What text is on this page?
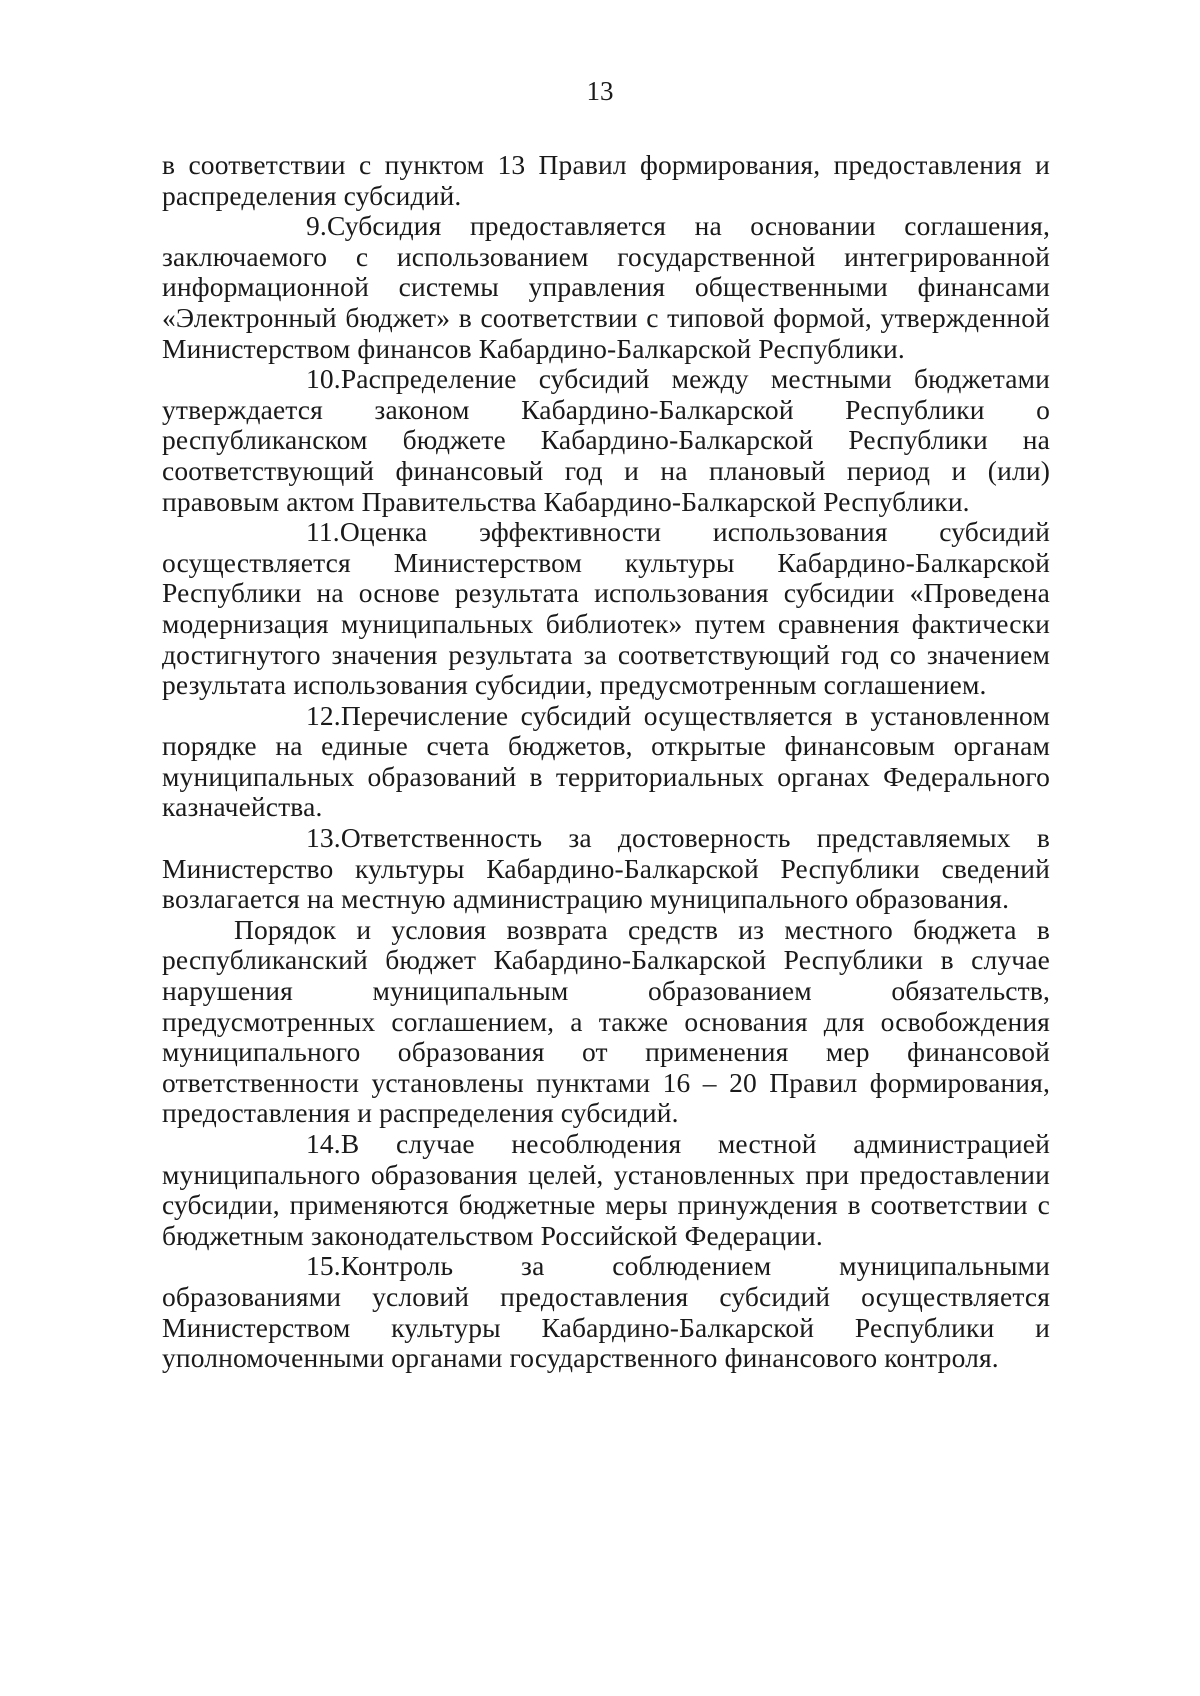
13

в соответствии с пунктом 13 Правил формирования, предоставления и распределения субсидий.

9.Субсидия предоставляется на основании соглашения, заключаемого с использованием государственной интегрированной информационной системы управления общественными финансами «Электронный бюджет» в соответствии с типовой формой, утвержденной Министерством финансов Кабардино-Балкарской Республики.

10.Распределение субсидий между местными бюджетами утверждается законом Кабардино-Балкарской Республики о республиканском бюджете Кабардино-Балкарской Республики на соответствующий финансовый год и на плановый период и (или) правовым актом Правительства Кабардино-Балкарской Республики.

11.Оценка эффективности использования субсидий осуществляется Министерством культуры Кабардино-Балкарской Республики на основе результата использования субсидии «Проведена модернизация муниципальных библиотек» путем сравнения фактически достигнутого значения результата за соответствующий год со значением результата использования субсидии, предусмотренным соглашением.

12.Перечисление субсидий осуществляется в установленном порядке на единые счета бюджетов, открытые финансовым органам муниципальных образований в территориальных органах Федерального казначейства.

13.Ответственность за достоверность представляемых в Министерство культуры Кабардино-Балкарской Республики сведений возлагается на местную администрацию муниципального образования.

Порядок и условия возврата средств из местного бюджета в республиканский бюджет Кабардино-Балкарской Республики в случае нарушения муниципальным образованием обязательств, предусмотренных соглашением, а также основания для освобождения муниципального образования от применения мер финансовой ответственности установлены пунктами 16 – 20 Правил формирования, предоставления и распределения субсидий.

14.В случае несоблюдения местной администрацией муниципального образования целей, установленных при предоставлении субсидии, применяются бюджетные меры принуждения в соответствии с бюджетным законодательством Российской Федерации.

15.Контроль за соблюдением муниципальными образованиями условий предоставления субсидий осуществляется Министерством культуры Кабардино-Балкарской Республики и уполномоченными органами государственного финансового контроля.
